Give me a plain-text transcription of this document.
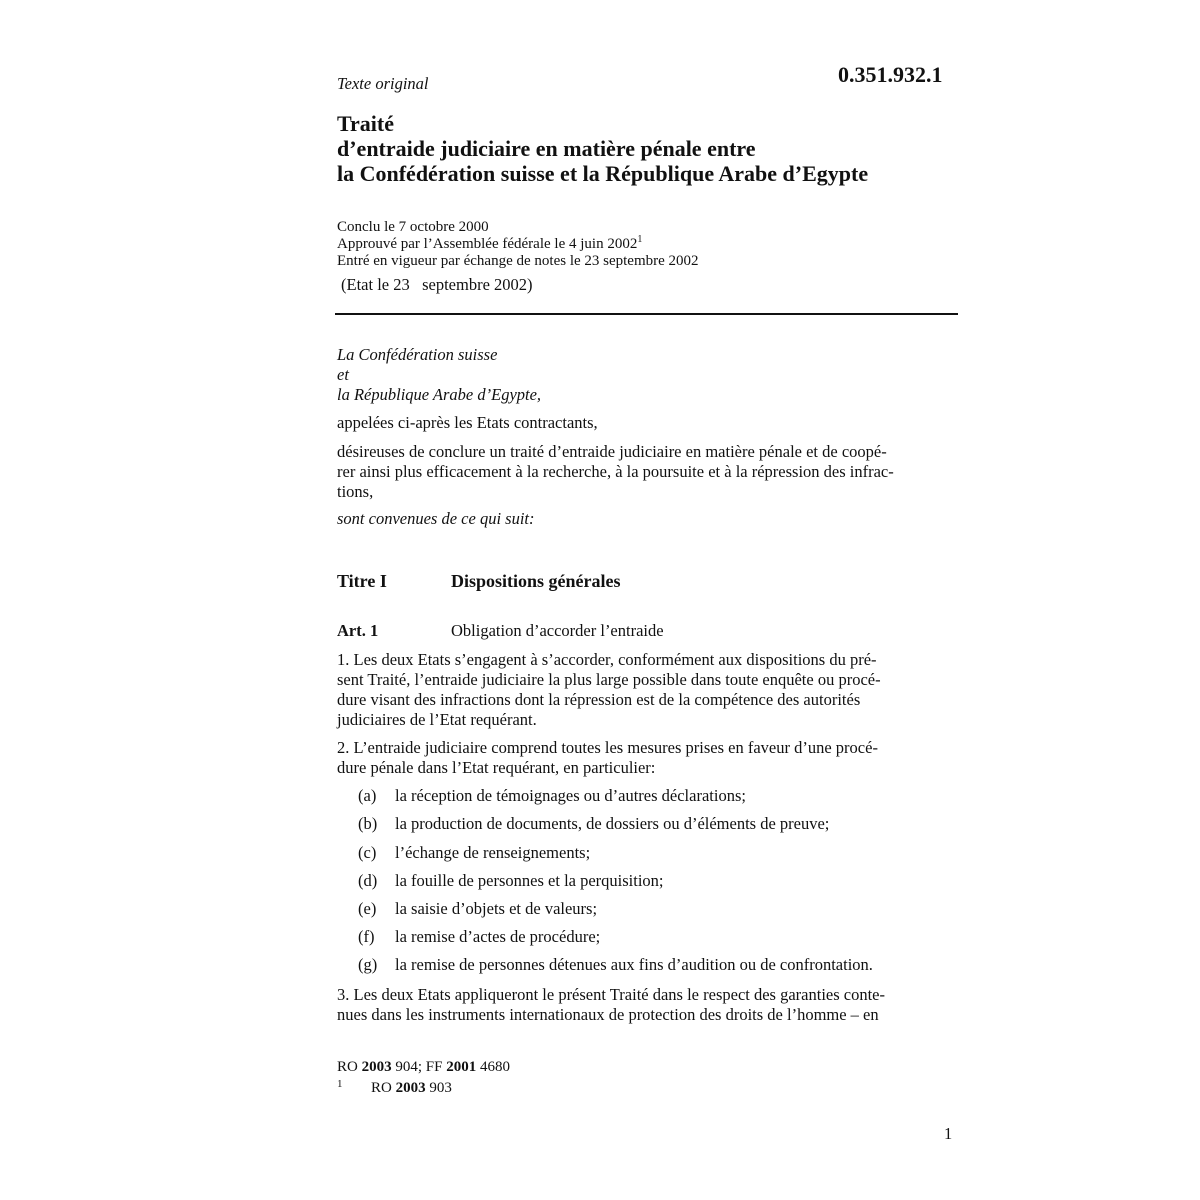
Texte original	0.351.932.1
Traité
d’entraide judiciaire en matière pénale entre
la Confédération suisse et la République Arabe d’Egypte
Conclu le 7 octobre 2000
Approuvé par l’Assemblée fédérale le 4 juin 2002$^1$
Entré en vigueur par échange de notes le 23 septembre 2002
(Etat le 23   septembre 2002)
La Confédération suisse
et
la République Arabe d’Egypte,
appelées ci-après les Etats contractants,
désireuses de conclure un traité d’entraide judiciaire en matière pénale et de coopé-
rer ainsi plus efficacement à la recherche, à la poursuite et à la répression des infrac-
tions,
sont convenues de ce qui suit:
Titre I	Dispositions générales
Art. 1	Obligation d’accorder l’entraide
1. Les deux Etats s’engagent à s’accorder, conformément aux dispositions du pré-
sent Traité, l’entraide judiciaire la plus large possible dans toute enquête ou procé-
dure visant des infractions dont la répression est de la compétence des autorités
judiciaires de l’Etat requérant.
2. L’entraide judiciaire comprend toutes les mesures prises en faveur d’une procé-
dure pénale dans l’Etat requérant, en particulier:
(a) la réception de témoignages ou d’autres déclarations;
(b) la production de documents, de dossiers ou d’éléments de preuve;
(c) l’échange de renseignements;
(d) la fouille de personnes et la perquisition;
(e) la saisie d’objets et de valeurs;
(f) la remise d’actes de procédure;
(g) la remise de personnes détenues aux fins d’audition ou de confrontation.
3. Les deux Etats appliqueront le présent Traité dans le respect des garanties conte-
nues dans les instruments internationaux de protection des droits de l’homme – en
RO 2003 904; FF 2001 4680
1 RO 2003 903
1
